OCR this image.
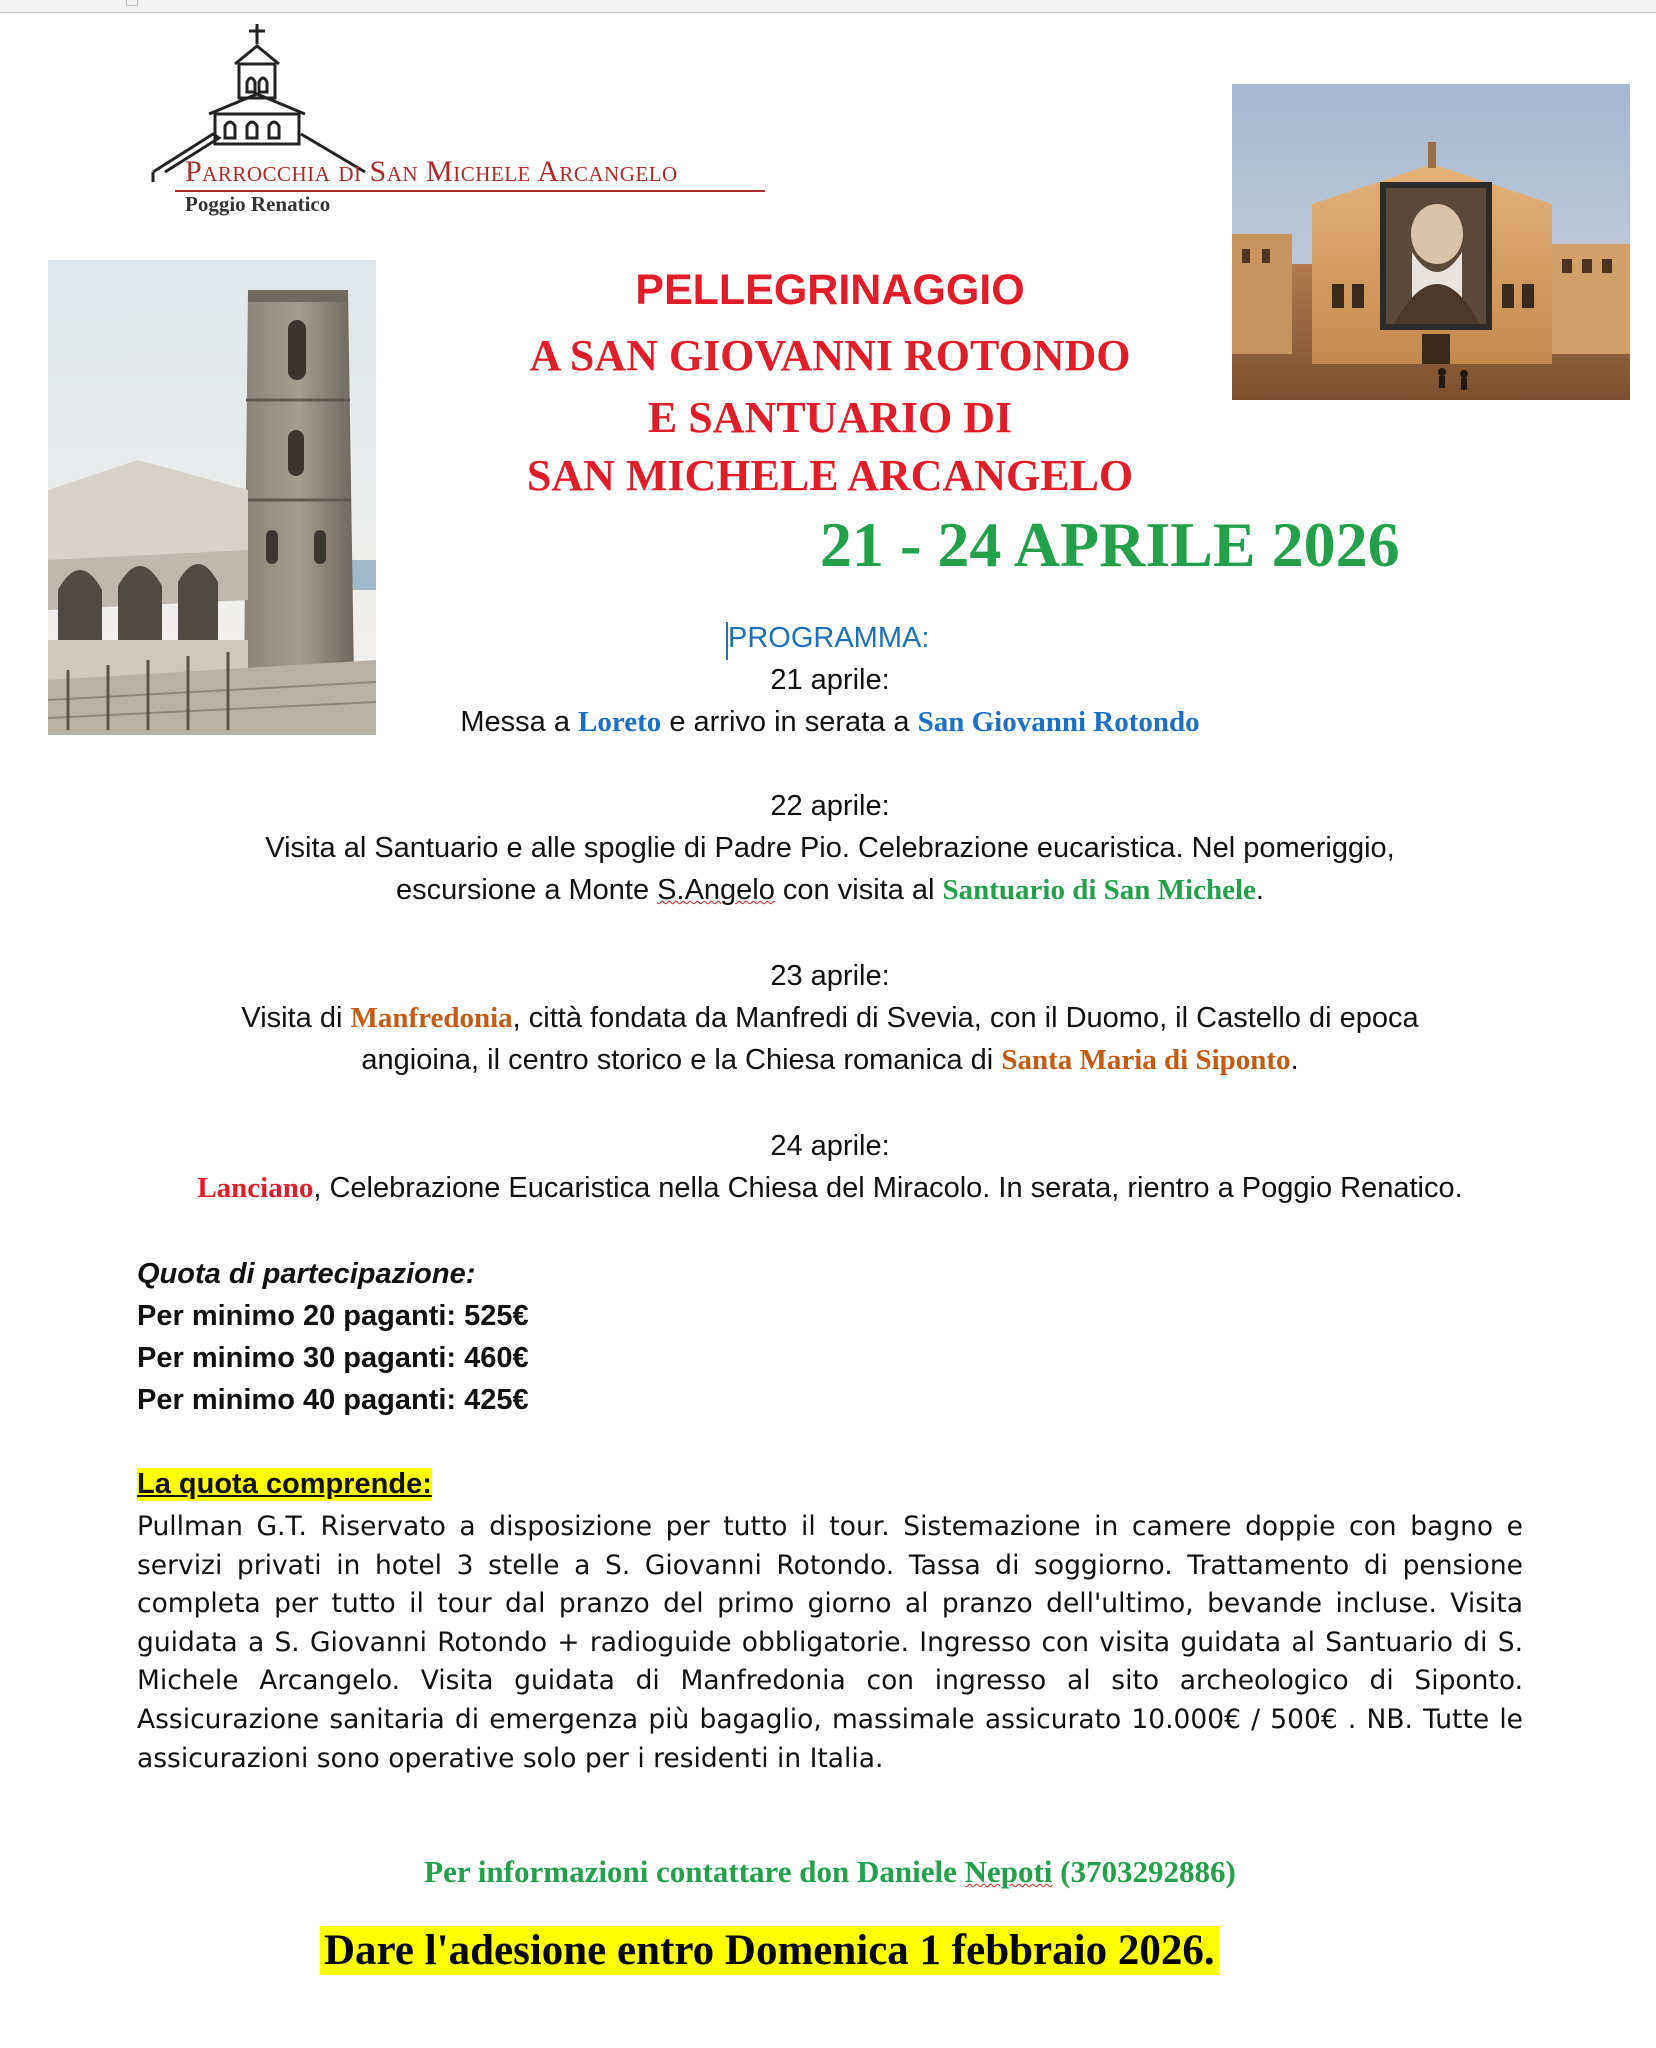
Parrocchia di San Michele Arcangelo
Poggio Renatico
PELLEGRINAGGIO
A SAN GIOVANNI ROTONDO
E SANTUARIO DI
SAN MICHELE ARCANGELO
21 - 24 APRILE 2026
PROGRAMMA:
21 aprile:
Messa a Loreto e arrivo in serata a San Giovanni Rotondo
22 aprile:
Visita al Santuario e alle spoglie di Padre Pio. Celebrazione eucaristica. Nel pomeriggio,
escursione a Monte S.Angelo con visita al Santuario di San Michele.
23 aprile:
Visita di Manfredonia, città fondata da Manfredi di Svevia, con il Duomo, il Castello di epoca
angioina, il centro storico e la Chiesa romanica di Santa Maria di Siponto.
24 aprile:
Lanciano, Celebrazione Eucaristica nella Chiesa del Miracolo. In serata, rientro a Poggio Renatico.
Quota di partecipazione:
Per minimo 20 paganti: 525€
Per minimo 30 paganti: 460€
Per minimo 40 paganti: 425€
La quota comprende:
Pullman G.T. Riservato a disposizione per tutto il tour. Sistemazione in camere doppie con bagno e servizi privati in hotel 3 stelle a S. Giovanni Rotondo. Tassa di soggiorno. Trattamento di pensione completa per tutto il tour dal pranzo del primo giorno al pranzo dell'ultimo, bevande incluse. Visita guidata a S. Giovanni Rotondo + radioguide obbligatorie. Ingresso con visita guidata al Santuario di S. Michele Arcangelo. Visita guidata di Manfredonia con ingresso al sito archeologico di Siponto. Assicurazione sanitaria di emergenza più bagaglio, massimale assicurato 10.000€ / 500€ . NB. Tutte le assicurazioni sono operative solo per i residenti in Italia.
Per informazioni contattare don Daniele Nepoti (3703292886)
Dare l'adesione entro Domenica 1 febbraio 2026.
